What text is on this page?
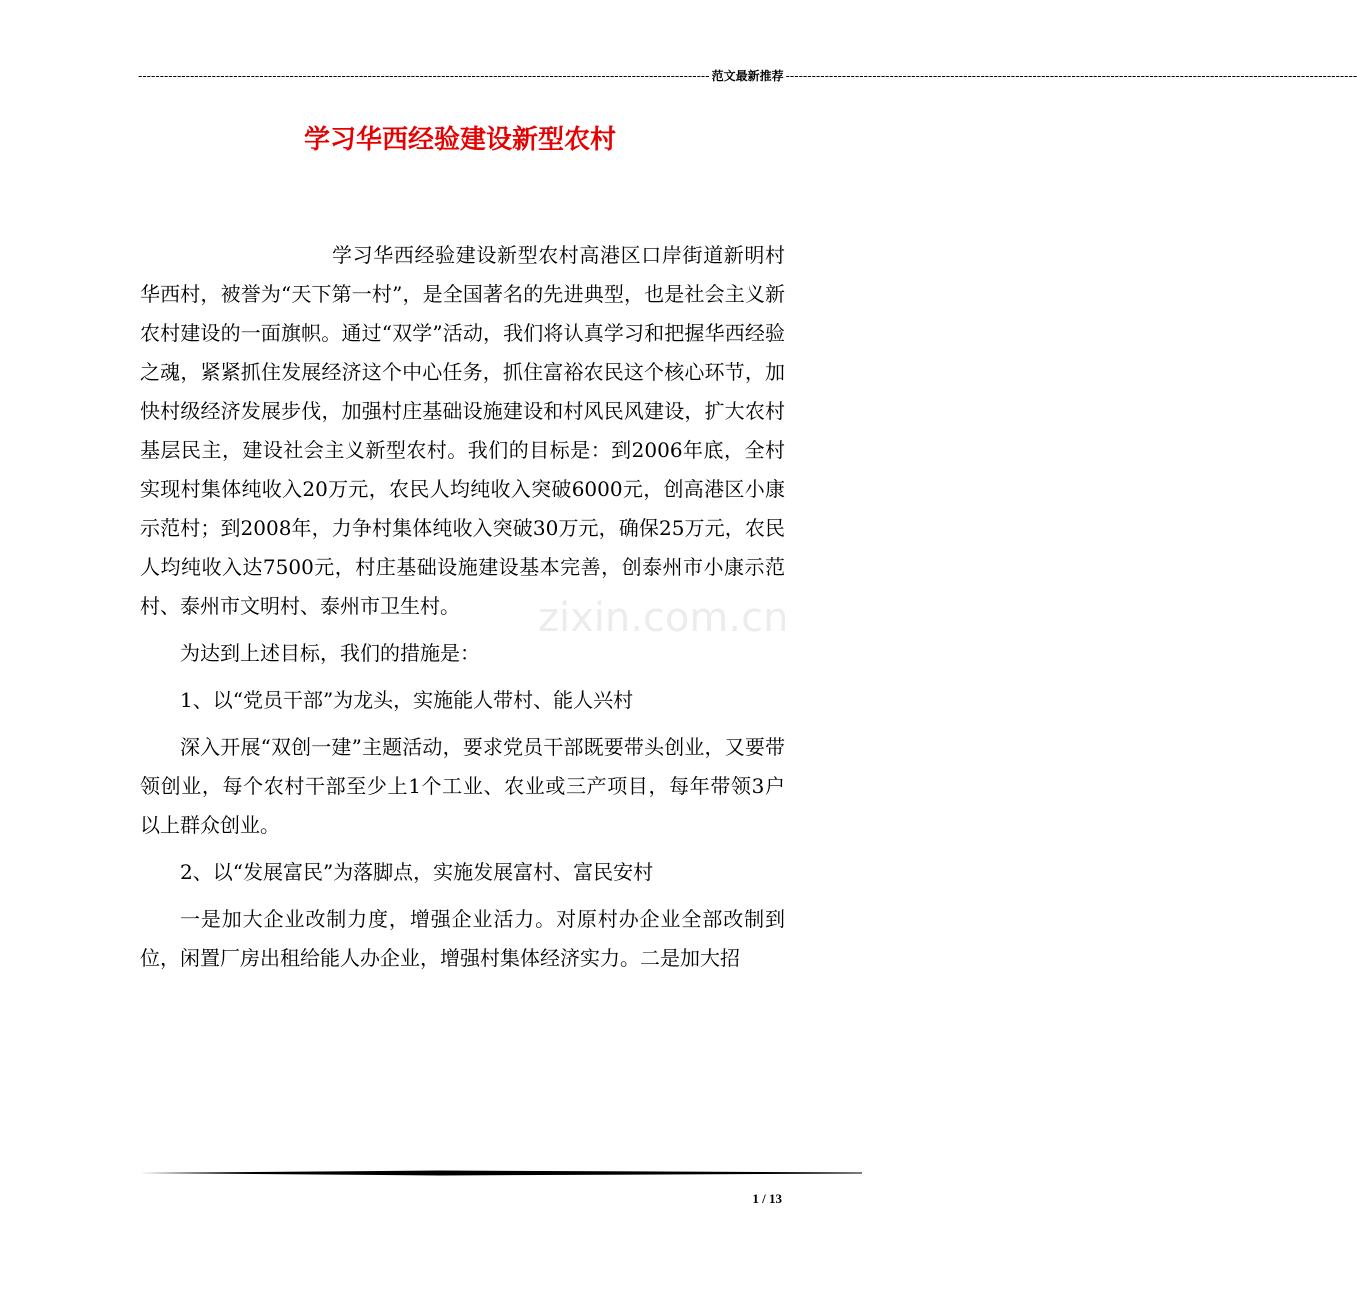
------------------------------------------------------------------------------------------------------------------------------------ 范文最新推荐 ------------------------------------------------------------------------------------------------------------------------------------
学习华西经验建设新型农村
zixin.com.cn

学习华西经验建设新型农村高港区口岸街道新明村华西村，被誉为“天下第一村”，是全国著名的先进典型，也是社会主义新农村建设的一面旗帜。通过“双学”活动，我们将认真学习和把握华西经验之魂，紧紧抓住发展经济这个中心任务，抓住富裕农民这个核心环节，加快村级经济发展步伐，加强村庄基础设施建设和村风民风建设，扩大农村基层民主，建设社会主义新型农村。我们的目标是：到2006年底，全村实现村集体纯收入20万元，农民人均纯收入突破6000元，创高港区小康示范村；到2008年，力争村集体纯收入突破30万元，确保25万元，农民人均纯收入达7500元，村庄基础设施建设基本完善，创泰州市小康示范村、泰州市文明村、泰州市卫生村。

为达到上述目标，我们的措施是：

1、以“党员干部”为龙头，实施能人带村、能人兴村

深入开展“双创一建”主题活动，要求党员干部既要带头创业，又要带领创业，每个农村干部至少上1个工业、农业或三产项目，每年带领3户以上群众创业。

2、以“发展富民”为落脚点，实施发展富村、富民安村

一是加大企业改制力度，增强企业活力。对原村办企业全部改制到位，闲置厂房出租给能人办企业，增强村集体经济实力。二是加大招

1 / 13
